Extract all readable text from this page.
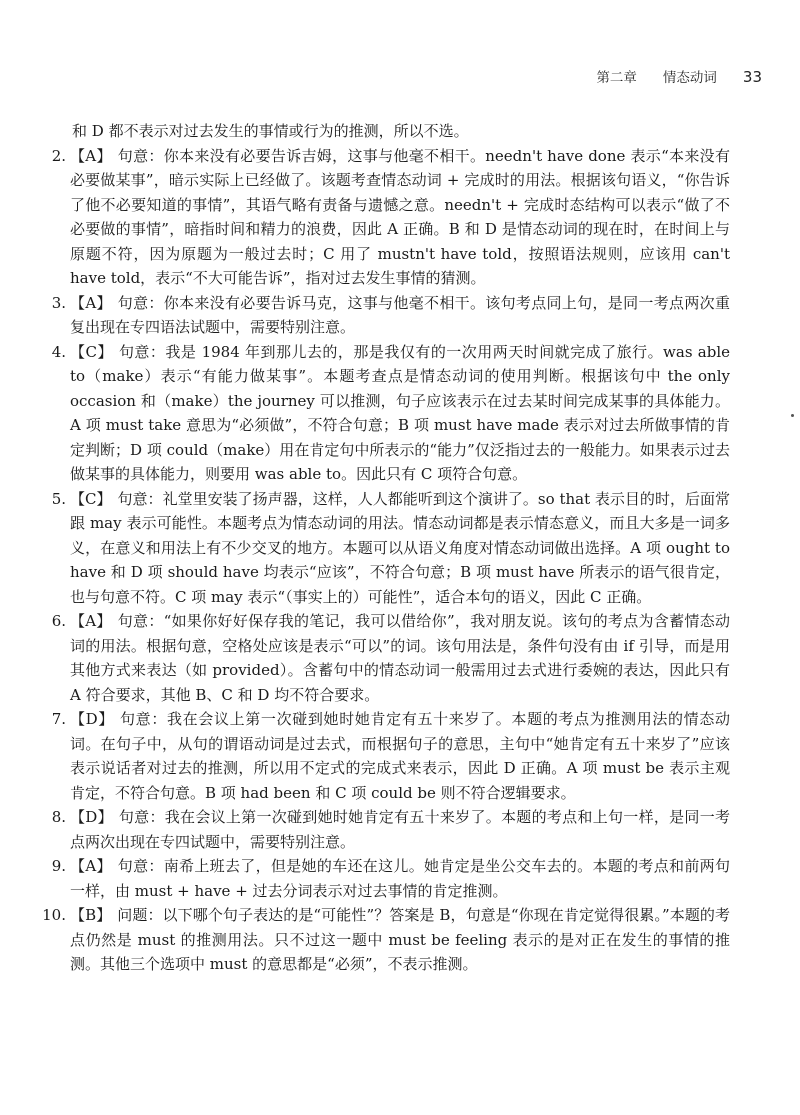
第二章 情态动词 33

和 D 都不表示对过去发生的事情或行为的推测，所以不选。

2. 【A】 句意：你本来没有必要告诉吉姆，这事与他毫不相干。needn't have done 表示“本来没有必要做某事”，暗示实际上已经做了。该题考查情态动词 + 完成时的用法。根据该句语义，“你告诉了他不必要知道的事情”，其语气略有责备与遗憾之意。needn't + 完成时态结构可以表示“做了不必要做的事情”，暗指时间和精力的浪费，因此 A 正确。B 和 D 是情态动词的现在时，在时间上与原题不符，因为原题为一般过去时；C 用了 mustn't have told，按照语法规则，应该用 can't have told，表示“不大可能告诉”，指对过去发生事情的猜测。
3. 【A】 句意：你本来没有必要告诉马克，这事与他毫不相干。该句考点同上句，是同一考点两次重复出现在专四语法试题中，需要特别注意。
4. 【C】 句意：我是 1984 年到那儿去的，那是我仅有的一次用两天时间就完成了旅行。was able to（make）表示“有能力做某事”。本题考查点是情态动词的使用判断。根据该句中 the only occasion 和（make）the journey 可以推测，句子应该表示在过去某时间完成某事的具体能力。A 项 must take 意思为“必须做”，不符合句意；B 项 must have made 表示对过去所做事情的肯定判断；D 项 could（make）用在肯定句中所表示的“能力”仅泛指过去的一般能力。如果表示过去做某事的具体能力，则要用 was able to。因此只有 C 项符合句意。
5. 【C】 句意：礼堂里安装了扬声器，这样，人人都能听到这个演讲了。so that 表示目的时，后面常跟 may 表示可能性。本题考点为情态动词的用法。情态动词都是表示情态意义，而且大多是一词多义，在意义和用法上有不少交叉的地方。本题可以从语义角度对情态动词做出选择。A 项 ought to have 和 D 项 should have 均表示“应该”，不符合句意；B 项 must have 所表示的语气很肯定，也与句意不符。C 项 may 表示“（事实上的）可能性”，适合本句的语义，因此 C 正确。
6. 【A】 句意：“如果你好好保存我的笔记，我可以借给你”，我对朋友说。该句的考点为含蓄情态动词的用法。根据句意，空格处应该是表示“可以”的词。该句用法是，条件句没有由 if 引导，而是用其他方式来表达（如 provided）。含蓄句中的情态动词一般需用过去式进行委婉的表达，因此只有 A 符合要求，其他 B、C 和 D 均不符合要求。
7. 【D】 句意：我在会议上第一次碰到她时她肯定有五十来岁了。本题的考点为推测用法的情态动词。在句子中，从句的谓语动词是过去式，而根据句子的意思，主句中“她肯定有五十来岁了”应该表示说话者对过去的推测，所以用不定式的完成式来表示，因此 D 正确。A 项 must be 表示主观肯定，不符合句意。B 项 had been 和 C 项 could be 则不符合逻辑要求。
8. 【D】 句意：我在会议上第一次碰到她时她肯定有五十来岁了。本题的考点和上句一样，是同一考点两次出现在专四试题中，需要特别注意。
9. 【A】 句意：南希上班去了，但是她的车还在这儿。她肯定是坐公交车去的。本题的考点和前两句一样，由 must + have + 过去分词表示对过去事情的肯定推测。
10. 【B】 问题：以下哪个句子表达的是“可能性”？答案是 B，句意是“你现在肯定觉得很累。”本题的考点仍然是 must 的推测用法。只不过这一题中 must be feeling 表示的是对正在发生的事情的推测。其他三个选项中 must 的意思都是“必须”，不表示推测。
